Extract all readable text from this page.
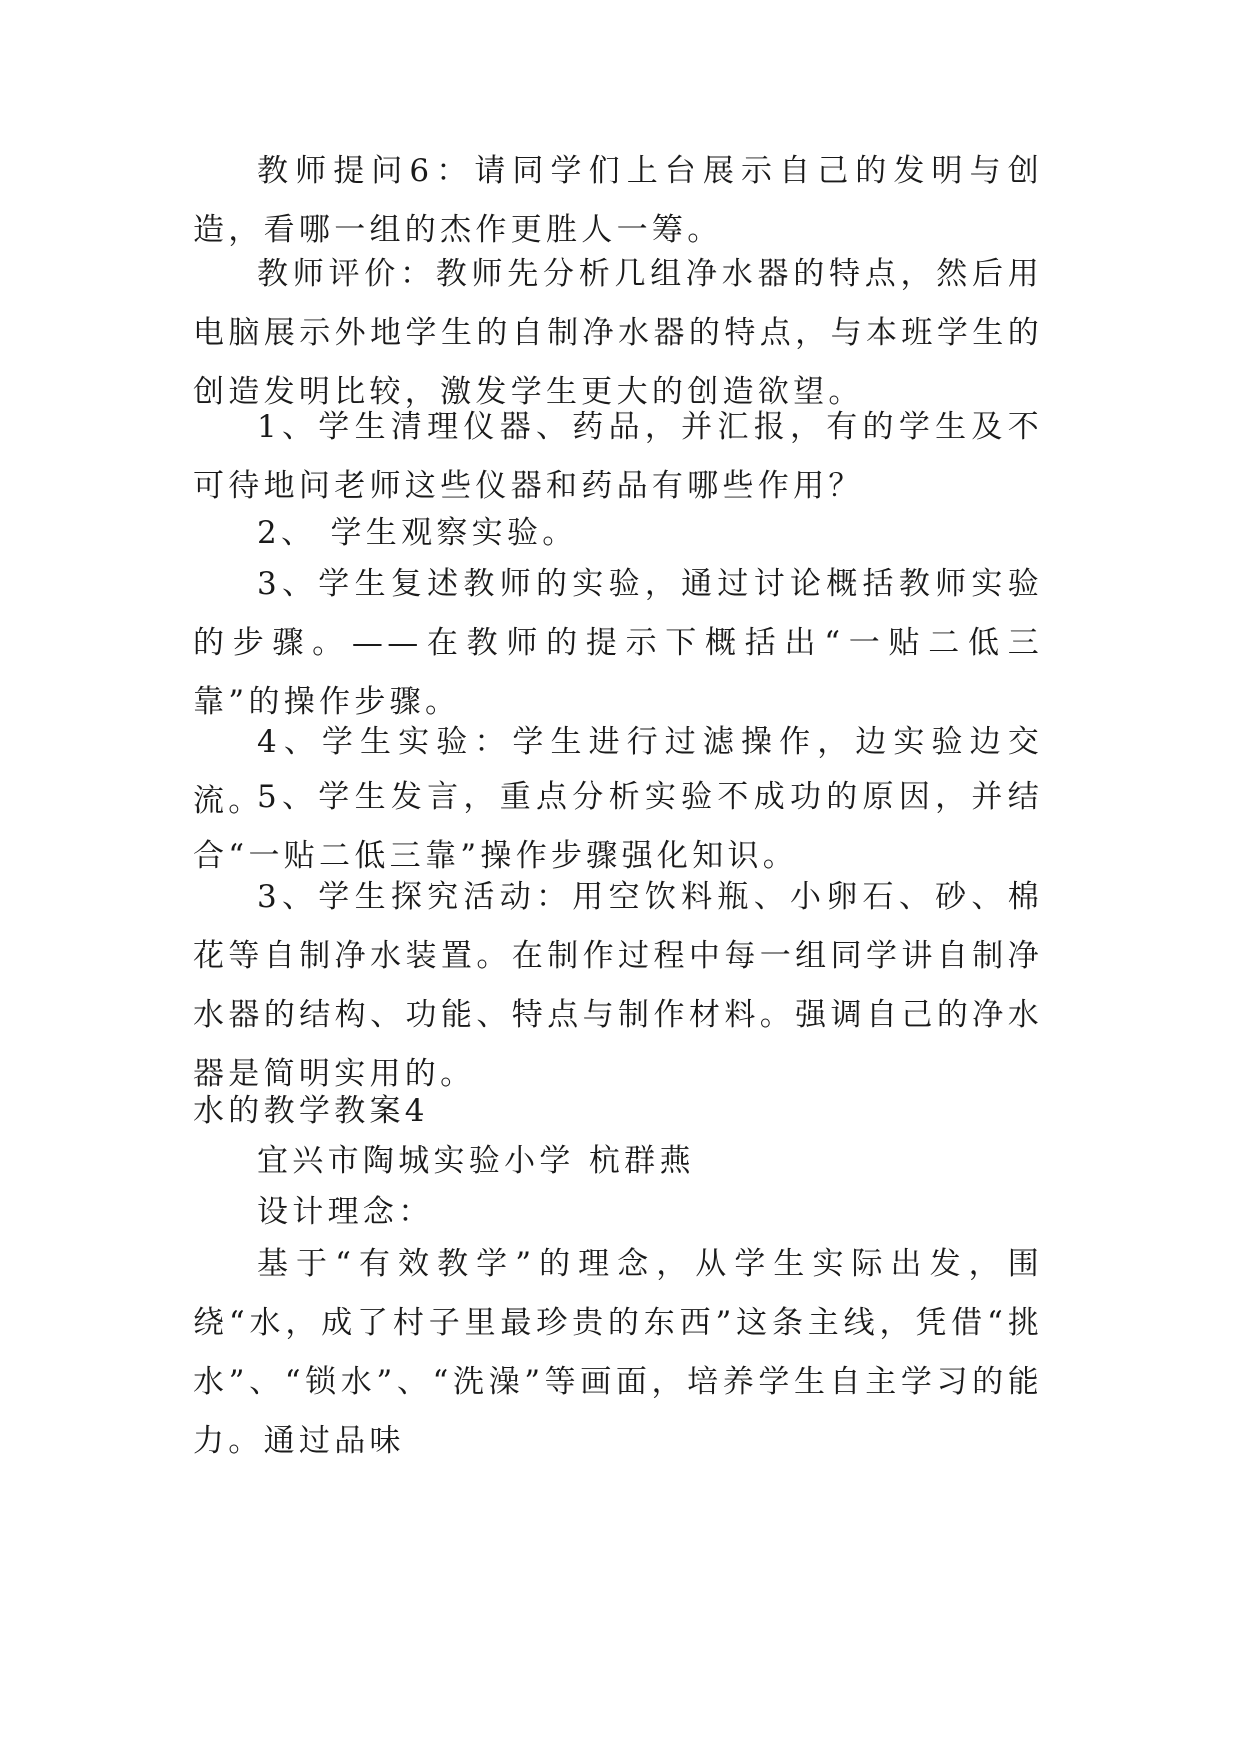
教师提问6：请同学们上台展示自己的发明与创造，看哪一组的杰作更胜人一筹。

教师评价：教师先分析几组净水器的特点，然后用电脑展示外地学生的自制净水器的特点，与本班学生的创造发明比较，激发学生更大的创造欲望。

1、学生清理仪器、药品，并汇报，有的学生及不可待地问老师这些仪器和药品有哪些作用？

2、 学生观察实验。

3、学生复述教师的实验，通过讨论概括教师实验的步骤。——在教师的提示下概括出“一贴二低三靠”的操作步骤。

4、学生实验：学生进行过滤操作，边实验边交流。

5、学生发言，重点分析实验不成功的原因，并结合“一贴二低三靠”操作步骤强化知识。

3、学生探究活动：用空饮料瓶、小卵石、砂、棉花等自制净水装置。在制作过程中每一组同学讲自制净水器的结构、功能、特点与制作材料。强调自己的净水器是简明实用的。

水的教学教案4

宜兴市陶城实验小学 杭群燕

设计理念：

基于“有效教学”的理念，从学生实际出发，围绕“水，成了村子里最珍贵的东西”这条主线，凭借“挑水”、“锁水”、“洗澡”等画面，培养学生自主学习的能力。通过品味
